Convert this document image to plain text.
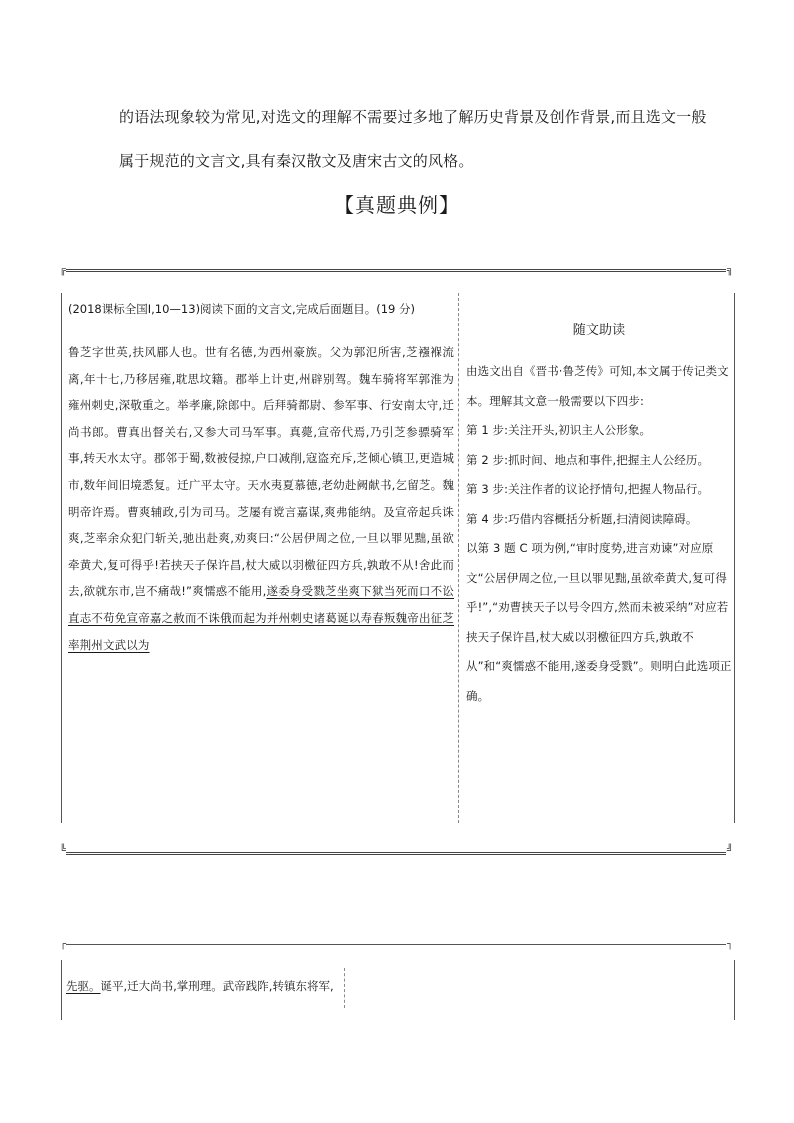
的语法现象较为常见,对选文的理解不需要过多地了解历史背景及创作背景,而且选文一般
属于规范的文言文,具有秦汉散文及唐宋古文的风格。
【真题典例】
╔	╗
╚	╝
(2018课标全国Ⅰ,10—13)阅读下面的文言文,完成后面题目。(19 分)
鲁芝字世英,扶风郿人也。世有名德,为西州豪族。父为郭氾所害,芝襁褓流离,年十七,乃移居雍,耽思坟籍。郡举上计吏,州辟别驾。魏车骑将军郭淮为雍州刺史,深敬重之。举孝廉,除郎中。后拜骑都尉、参军事、行安南太守,迁尚书郎。曹真出督关右,又参大司马军事。真薨,宣帝代焉,乃引芝参骠骑军事,转天水太守。郡邻于蜀,数被侵掠,户口减削,寇盗充斥,芝倾心镇卫,更造城市,数年间旧境悉复。迁广平太守。天水夷夏慕德,老幼赴阙献书,乞留芝。魏明帝许焉。曹爽辅政,引为司马。芝屡有谠言嘉谋,爽弗能纳。及宣帝起兵诛爽,芝率余众犯门斩关,驰出赴爽,劝爽曰:“公居伊周之位,一旦以罪见黜,虽欲牵黄犬,复可得乎!若挟天子保许昌,杖大威以羽檄征四方兵,孰敢不从!舍此而去,欲就东市,岂不痛哉!”爽懦惑不能用,遂委身受戮芝坐爽下狱当死而口不讼直志不苟免宣帝嘉之赦而不诛俄而起为并州刺史诸葛诞以寿春叛魏帝出征芝率荆州文武以为
随文助读

由选文出自《晋书·鲁芝传》可知,本文属于传记类文本。理解其文意一般需要以下四步:

第 1 步:关注开头,初识主人公形象。

第 2 步:抓时间、地点和事件,把握主人公经历。

第 3 步:关注作者的议论抒情句,把握人物品行。

第 4 步:巧借内容概括分析题,扫清阅读障碍。

以第 3 题 C 项为例,“审时度势,进言劝谏”对应原文“公居伊周之位,一旦以罪见黜,虽欲牵黄犬,复可得乎!”,“劝曹挟天子以号令四方,然而未被采纳”对应若挟天子保许昌,杖大威以羽檄征四方兵,孰敢不从”和“爽懦惑不能用,遂委身受戮”。则明白此选项正确。

┌	┐
先驱。诞平,迁大尚书,掌刑理。武帝践阼,转镇东将军,
